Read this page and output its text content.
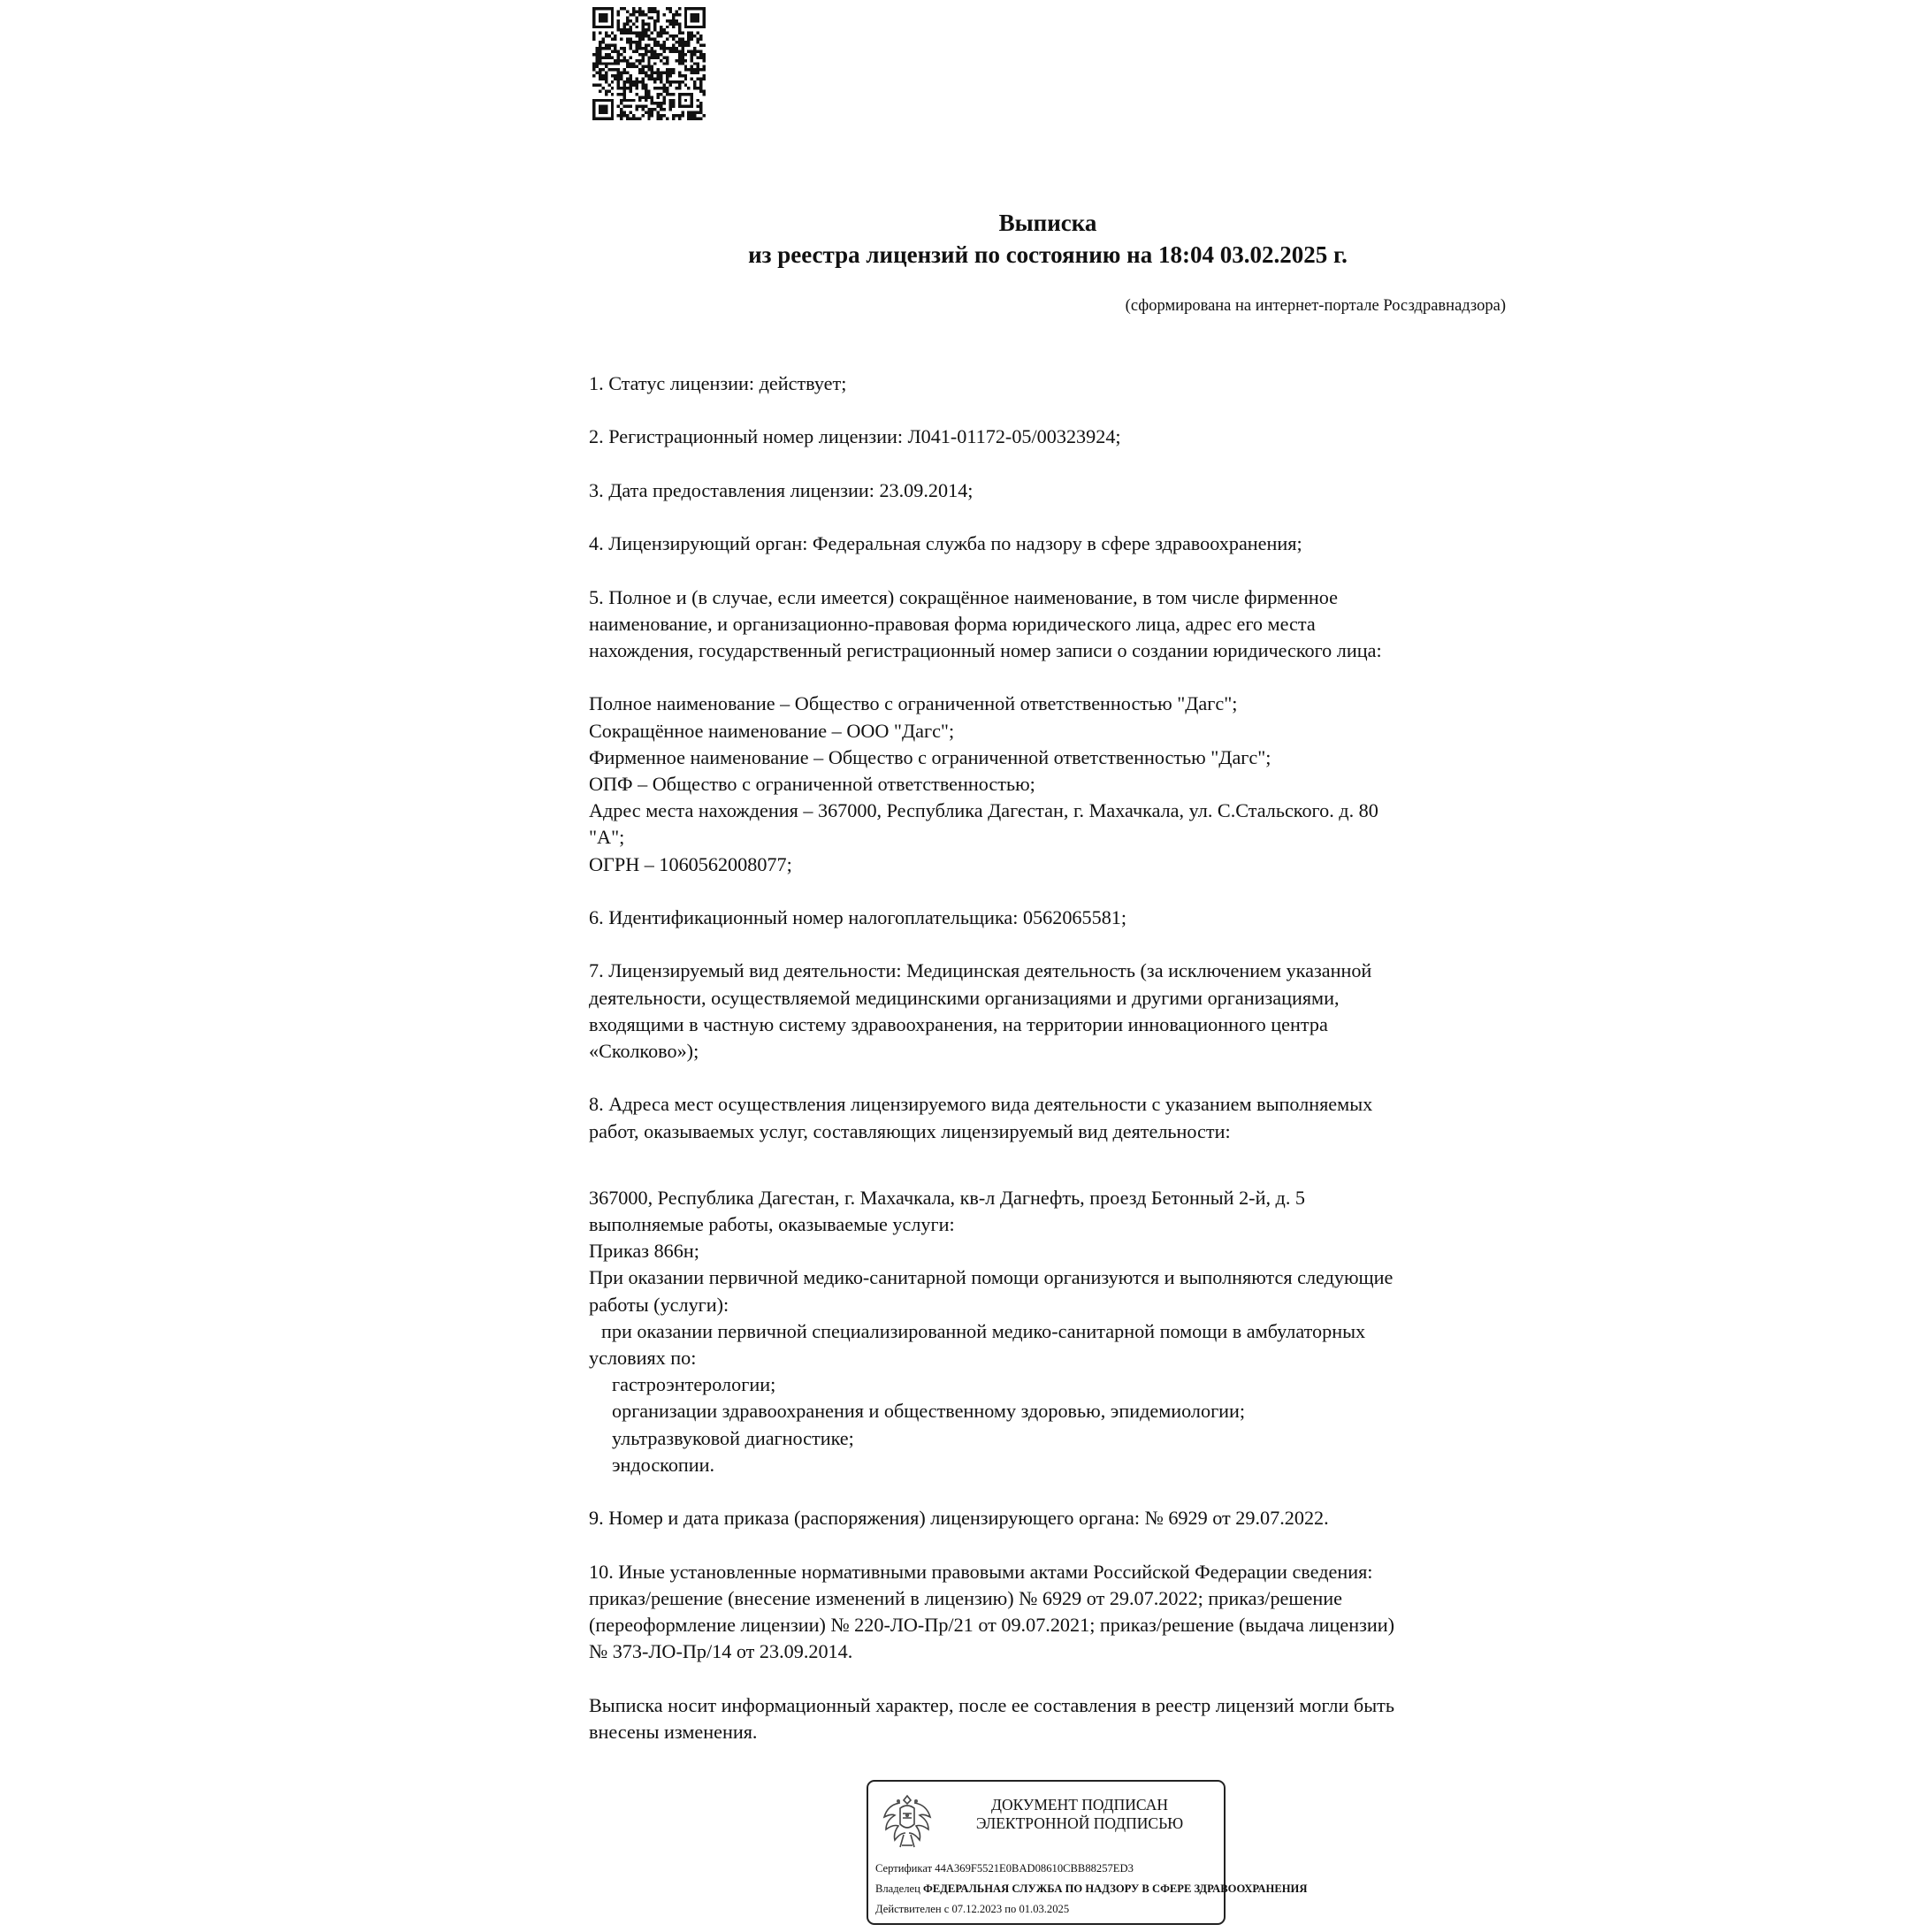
Выписка
из реестра лицензий по состоянию на 18:04 03.02.2025 г.
(сформирована на интернет-портале Росздравнадзора)
1. Статус лицензии: действует;
2. Регистрационный номер лицензии: Л041-01172-05/00323924;
3. Дата предоставления лицензии: 23.09.2014;
4. Лицензирующий орган: Федеральная служба по надзору в сфере здравоохранения;
5. Полное и (в случае, если имеется) сокращённое наименование, в том числе фирменное
наименование, и организационно-правовая форма юридического лица, адрес его места
нахождения, государственный регистрационный номер записи о создании юридического лица:
Полное наименование – Общество с ограниченной ответственностью "Дагс";
Сокращённое наименование – ООО "Дагс";
Фирменное наименование – Общество с ограниченной ответственностью "Дагс";
ОПФ – Общество с ограниченной ответственностью;
Адрес места нахождения – 367000, Республика Дагестан, г. Махачкала, ул. С.Стальского. д. 80
"А";
ОГРН – 1060562008077;
6. Идентификационный номер налогоплательщика: 0562065581;
7. Лицензируемый вид деятельности: Медицинская деятельность (за исключением указанной
деятельности, осуществляемой медицинскими организациями и другими организациями,
входящими в частную систему здравоохранения, на территории инновационного центра
«Сколково»);
8. Адреса мест осуществления лицензируемого вида деятельности с указанием выполняемых
работ, оказываемых услуг, составляющих лицензируемый вид деятельности:
367000, Республика Дагестан, г. Махачкала, кв-л Дагнефть, проезд Бетонный 2-й, д. 5
выполняемые работы, оказываемые услуги:
Приказ 866н;
При оказании первичной медико-санитарной помощи организуются и выполняются следующие
работы (услуги):
при оказании первичной специализированной медико-санитарной помощи в амбулаторных
условиях по:
гастроэнтерологии;
организации здравоохранения и общественному здоровью, эпидемиологии;
ультразвуковой диагностике;
эндоскопии.
9. Номер и дата приказа (распоряжения) лицензирующего органа: № 6929 от 29.07.2022.
10. Иные установленные нормативными правовыми актами Российской Федерации сведения:
приказ/решение (внесение изменений в лицензию) № 6929 от 29.07.2022; приказ/решение
(переоформление лицензии) № 220-ЛО-Пр/21 от 09.07.2021; приказ/решение (выдача лицензии)
№ 373-ЛО-Пр/14 от 23.09.2014.
Выписка носит информационный характер, после ее составления в реестр лицензий могли быть
внесены изменения.
ДОКУМЕНТ ПОДПИСАН
ЭЛЕКТРОННОЙ ПОДПИСЬЮ
Сертификат 44A369F5521E0BAD08610CBB88257ED3
Владелец ФЕДЕРАЛЬНАЯ СЛУЖБА ПО НАДЗОРУ В СФЕРЕ ЗДРАВООХРАНЕНИЯ
Действителен с 07.12.2023 по 01.03.2025
